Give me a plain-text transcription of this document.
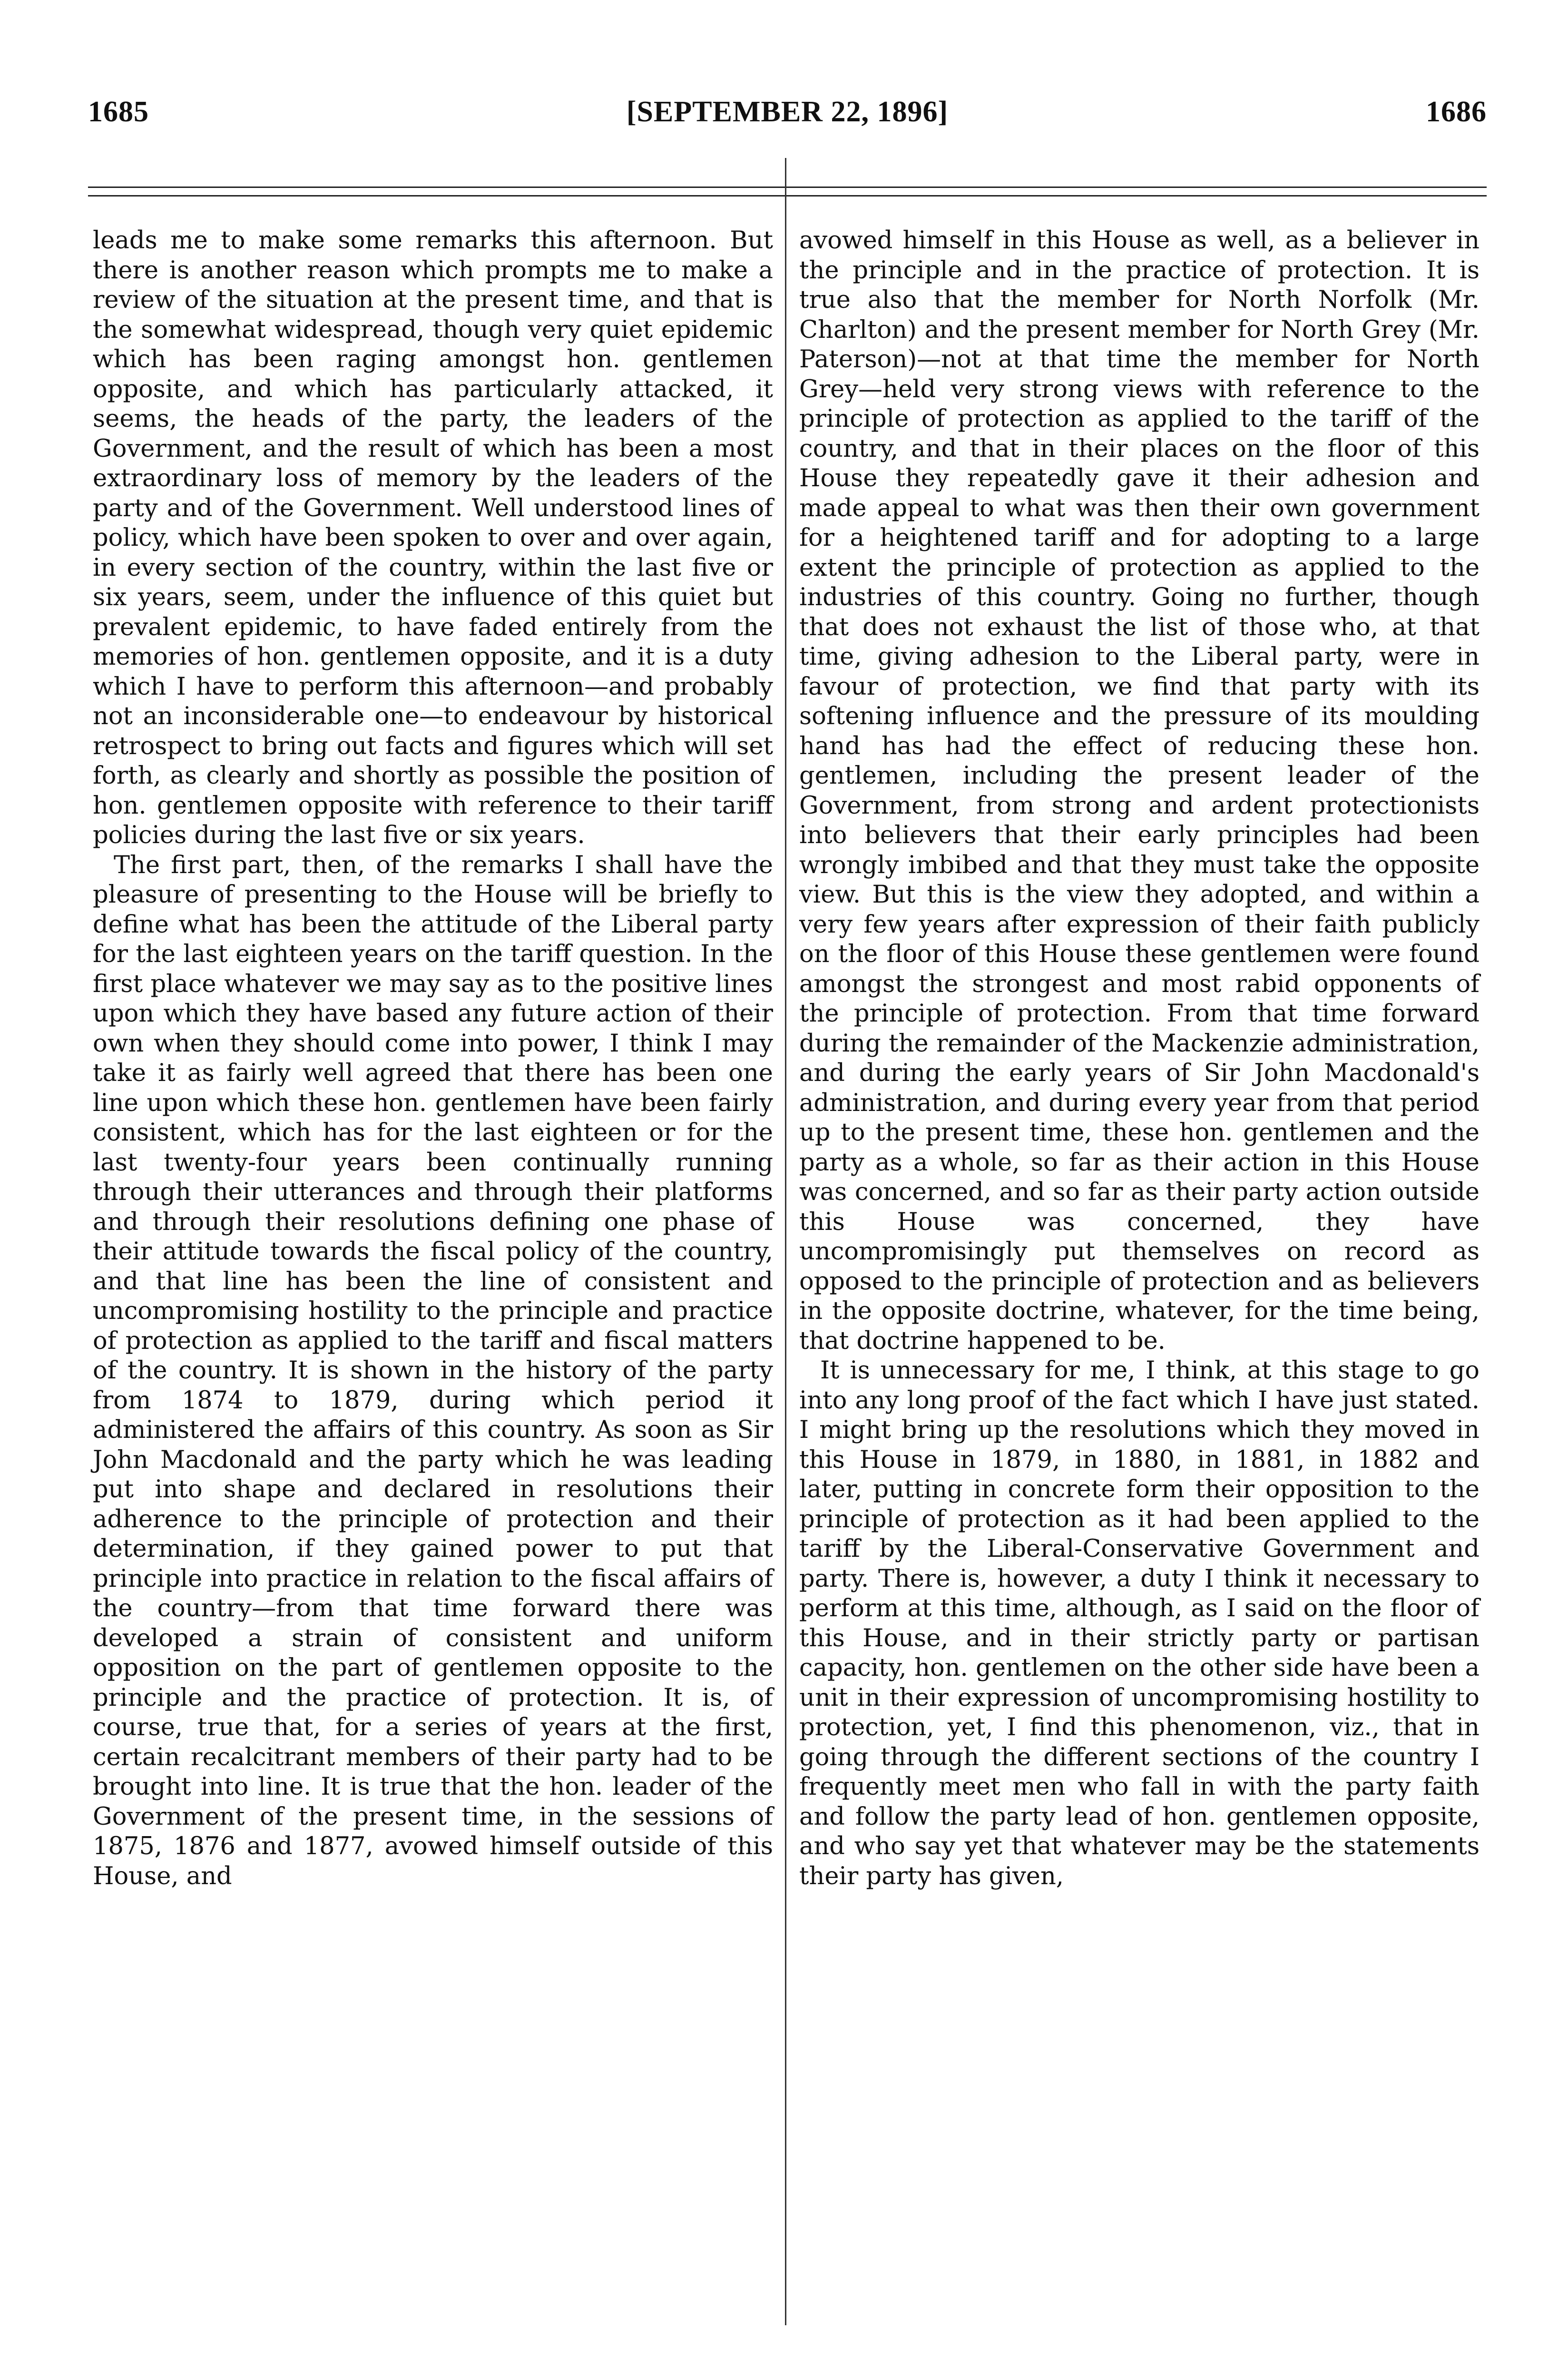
1685	[SEPTEMBER 22, 1896]	1686

leads me to make some remarks this afternoon. But there is another reason which prompts me to make a review of the situation at the present time, and that is the somewhat widespread, though very quiet epidemic which has been raging amongst hon. gentlemen opposite, and which has particularly attacked, it seems, the heads of the party, the leaders of the Government, and the result of which has been a most extraordinary loss of memory by the leaders of the party and of the Government. Well understood lines of policy, which have been spoken to over and over again, in every section of the country, within the last five or six years, seem, under the influence of this quiet but prevalent epidemic, to have faded entirely from the memories of hon. gentlemen opposite, and it is a duty which I have to perform this afternoon—and probably not an inconsiderable one—to endeavour by historical retrospect to bring out facts and figures which will set forth, as clearly and shortly as possible the position of hon. gentlemen opposite with reference to their tariff policies during the last five or six years.

The first part, then, of the remarks I shall have the pleasure of presenting to the House will be briefly to define what has been the attitude of the Liberal party for the last eighteen years on the tariff question. In the first place whatever we may say as to the positive lines upon which they have based any future action of their own when they should come into power, I think I may take it as fairly well agreed that there has been one line upon which these hon. gentlemen have been fairly consistent, which has for the last eighteen or for the last twenty-four years been continually running through their utterances and through their platforms and through their resolutions defining one phase of their attitude towards the fiscal policy of the country, and that line has been the line of consistent and uncompromising hostility to the principle and practice of protection as applied to the tariff and fiscal matters of the country. It is shown in the history of the party from 1874 to 1879, during which period it administered the affairs of this country. As soon as Sir John Macdonald and the party which he was leading put into shape and declared in resolutions their adherence to the principle of protection and their determination, if they gained power to put that principle into practice in relation to the fiscal affairs of the country—from that time forward there was developed a strain of consistent and uniform opposition on the part of gentlemen opposite to the principle and the practice of protection. It is, of course, true that, for a series of years at the first, certain recalcitrant members of their party had to be brought into line. It is true that the hon. leader of the Government of the present time, in the sessions of 1875, 1876 and 1877, avowed himself outside of this House, and

avowed himself in this House as well, as a believer in the principle and in the practice of protection. It is true also that the member for North Norfolk (Mr. Charlton) and the present member for North Grey (Mr. Paterson)—not at that time the member for North Grey—held very strong views with reference to the principle of protection as applied to the tariff of the country, and that in their places on the floor of this House they repeatedly gave it their adhesion and made appeal to what was then their own government for a heightened tariff and for adopting to a large extent the principle of protection as applied to the industries of this country. Going no further, though that does not exhaust the list of those who, at that time, giving adhesion to the Liberal party, were in favour of protection, we find that party with its softening influence and the pressure of its moulding hand has had the effect of reducing these hon. gentlemen, including the present leader of the Government, from strong and ardent protectionists into believers that their early principles had been wrongly imbibed and that they must take the opposite view. But this is the view they adopted, and within a very few years after expression of their faith publicly on the floor of this House these gentlemen were found amongst the strongest and most rabid opponents of the principle of protection. From that time forward during the remainder of the Mackenzie administration, and during the early years of Sir John Macdonald's administration, and during every year from that period up to the present time, these hon. gentlemen and the party as a whole, so far as their action in this House was concerned, and so far as their party action outside this House was concerned, they have uncompromisingly put themselves on record as opposed to the principle of protection and as believers in the opposite doctrine, whatever, for the time being, that doctrine happened to be.

It is unnecessary for me, I think, at this stage to go into any long proof of the fact which I have just stated. I might bring up the resolutions which they moved in this House in 1879, in 1880, in 1881, in 1882 and later, putting in concrete form their opposition to the principle of protection as it had been applied to the tariff by the Liberal-Conservative Government and party. There is, however, a duty I think it necessary to perform at this time, although, as I said on the floor of this House, and in their strictly party or partisan capacity, hon. gentlemen on the other side have been a unit in their expression of uncompromising hostility to protection, yet, I find this phenomenon, viz., that in going through the different sections of the country I frequently meet men who fall in with the party faith and follow the party lead of hon. gentlemen opposite, and who say yet that whatever may be the statements their party has given,
